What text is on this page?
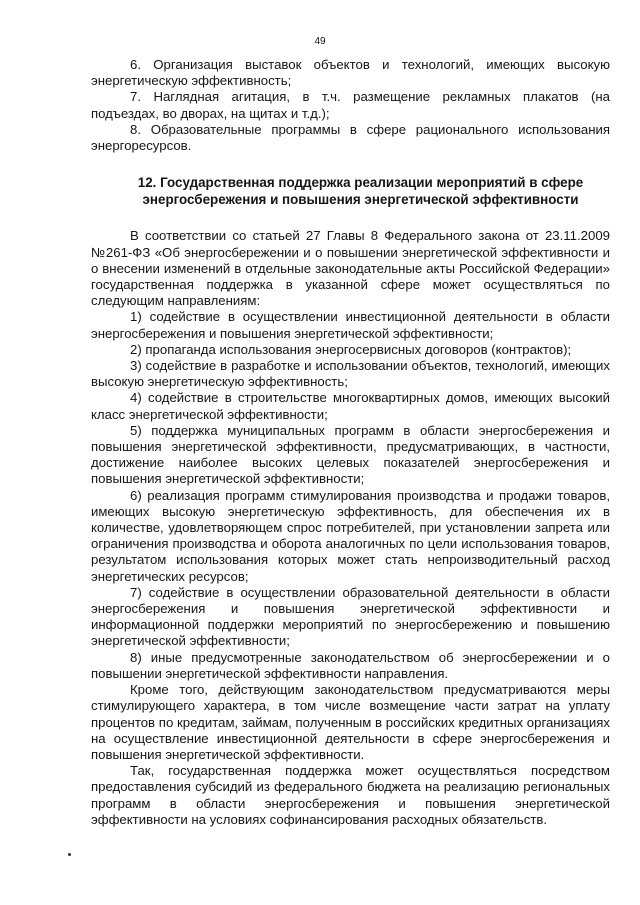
49

6. Организация выставок объектов и технологий, имеющих высокую энергетическую эффективность;

7. Наглядная агитация, в т.ч. размещение рекламных плакатов (на подъездах, во дворах, на щитах и т.д.);

8. Образовательные программы в сфере рационального использования энергоресурсов.

12. Государственная поддержка реализации мероприятий в сфере энергосбережения и повышения энергетической эффективности

В соответствии со статьей 27 Главы 8 Федерального закона от 23.11.2009 №261-ФЗ «Об энергосбережении и о повышении энергетической эффективности и о внесении изменений в отдельные законодательные акты Российской Федерации» государственная поддержка в указанной сфере может осуществляться по следующим направлениям:

1) содействие в осуществлении инвестиционной деятельности в области энергосбережения и повышения энергетической эффективности;

2) пропаганда использования энергосервисных договоров (контрактов);

3) содействие в разработке и использовании объектов, технологий, имеющих высокую энергетическую эффективность;

4) содействие в строительстве многоквартирных домов, имеющих высокий класс энергетической эффективности;

5) поддержка муниципальных программ в области энергосбережения и повышения энергетической эффективности, предусматривающих, в частности, достижение наиболее высоких целевых показателей энергосбережения и повышения энергетической эффективности;

6) реализация программ стимулирования производства и продажи товаров, имеющих высокую энергетическую эффективность, для обеспечения их в количестве, удовлетворяющем спрос потребителей, при установлении запрета или ограничения производства и оборота аналогичных по цели использования товаров, результатом использования которых может стать непроизводительный расход энергетических ресурсов;

7) содействие в осуществлении образовательной деятельности в области энергосбережения и повышения энергетической эффективности и информационной поддержки мероприятий по энергосбережению и повышению энергетической эффективности;

8) иные предусмотренные законодательством об энергосбережении и о повышении энергетической эффективности направления.

Кроме того, действующим законодательством предусматриваются меры стимулирующего характера, в том числе возмещение части затрат на уплату процентов по кредитам, займам, полученным в российских кредитных организациях на осуществление инвестиционной деятельности в сфере энергосбережения и повышения энергетической эффективности.

Так, государственная поддержка может осуществляться посредством предоставления субсидий из федерального бюджета на реализацию региональных программ в области энергосбережения и повышения энергетической эффективности на условиях софинансирования расходных обязательств.
